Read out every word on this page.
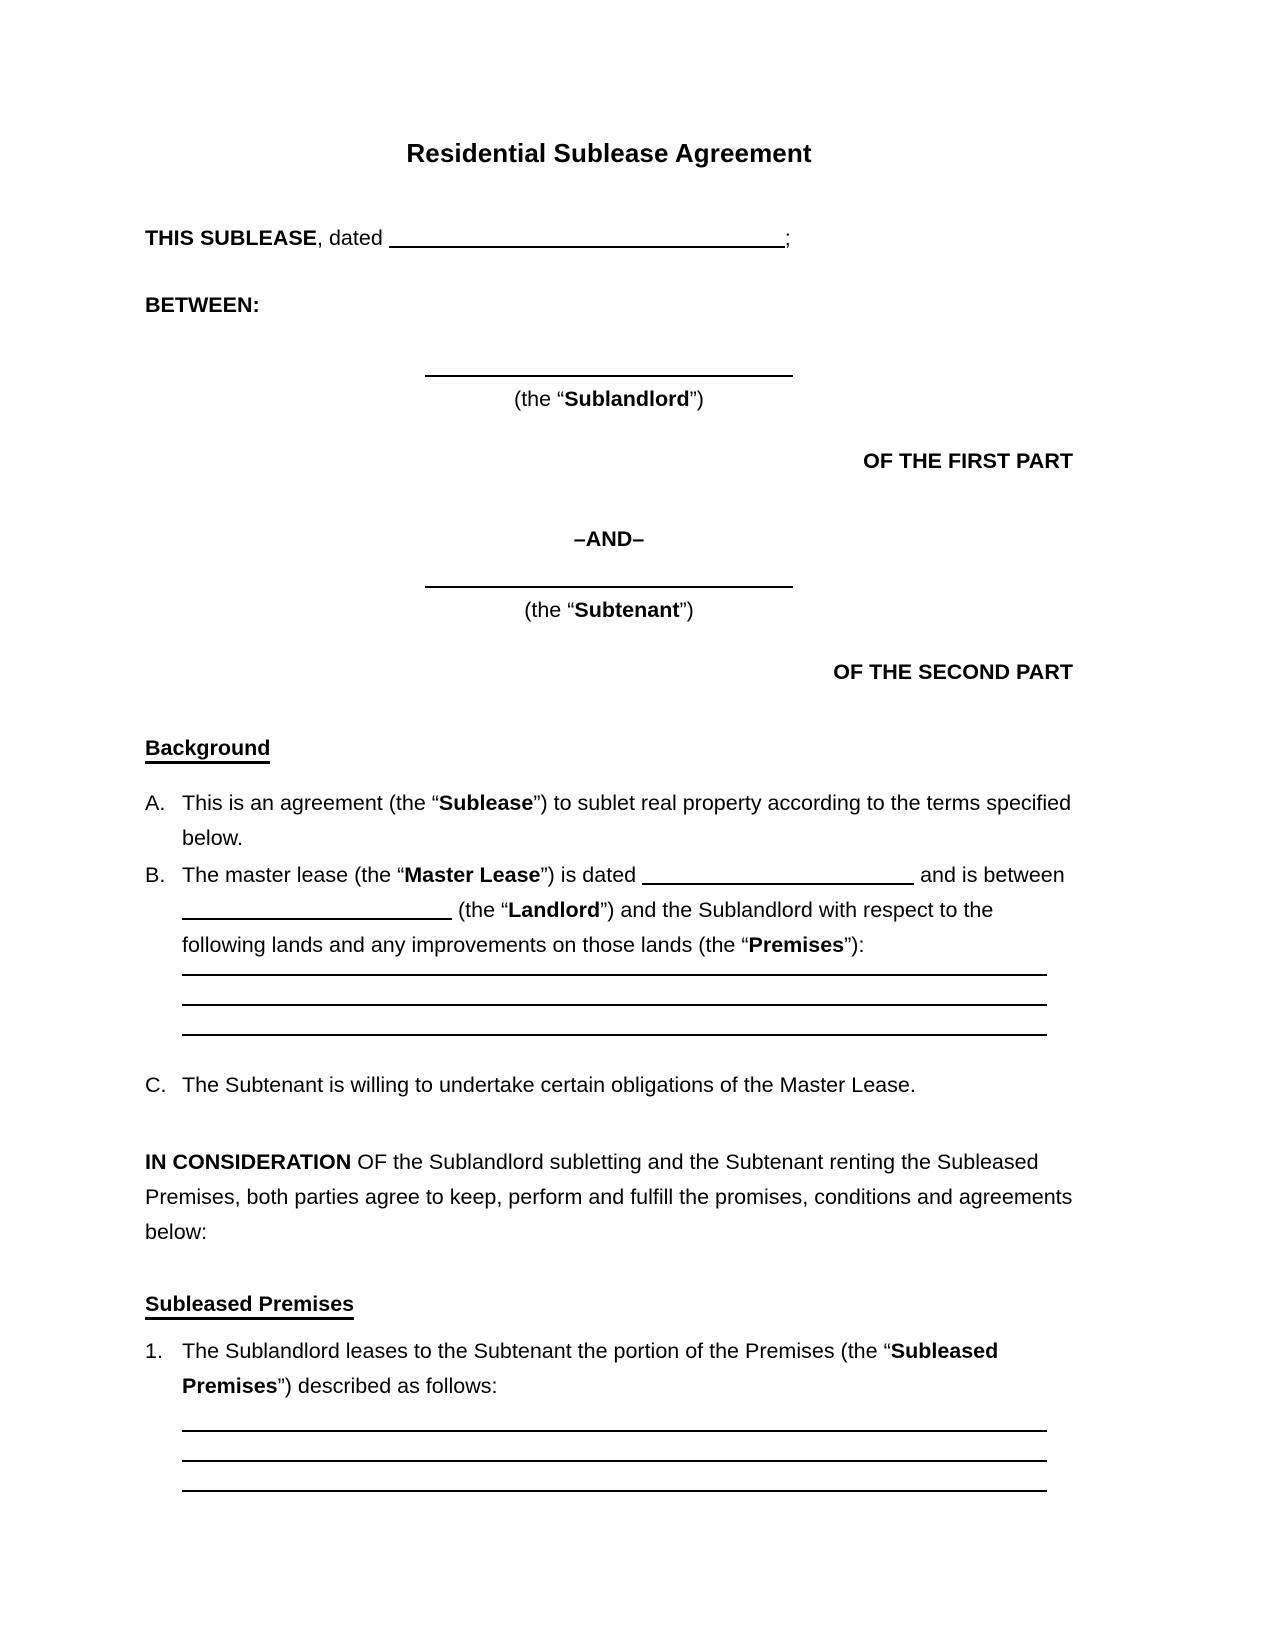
Residential Sublease Agreement
THIS SUBLEASE, dated	;
BETWEEN:
(the “Sublandlord”)
OF THE FIRST PART
–AND–
(the “Subtenant”)
OF THE SECOND PART
Background
A. This is an agreement (the “Sublease”) to sublet real property according to the terms specified below.
B. The master lease (the “Master Lease”) is dated	and is between  (the “Landlord”) and the Sublandlord with respect to the following lands and any improvements on those lands (the “Premises”):
C. The Subtenant is willing to undertake certain obligations of the Master Lease.
IN CONSIDERATION OF the Sublandlord subletting and the Subtenant renting the Subleased Premises, both parties agree to keep, perform and fulfill the promises, conditions and agreements below:
Subleased Premises
1. The Sublandlord leases to the Subtenant the portion of the Premises (the “Subleased Premises”) described as follows:
